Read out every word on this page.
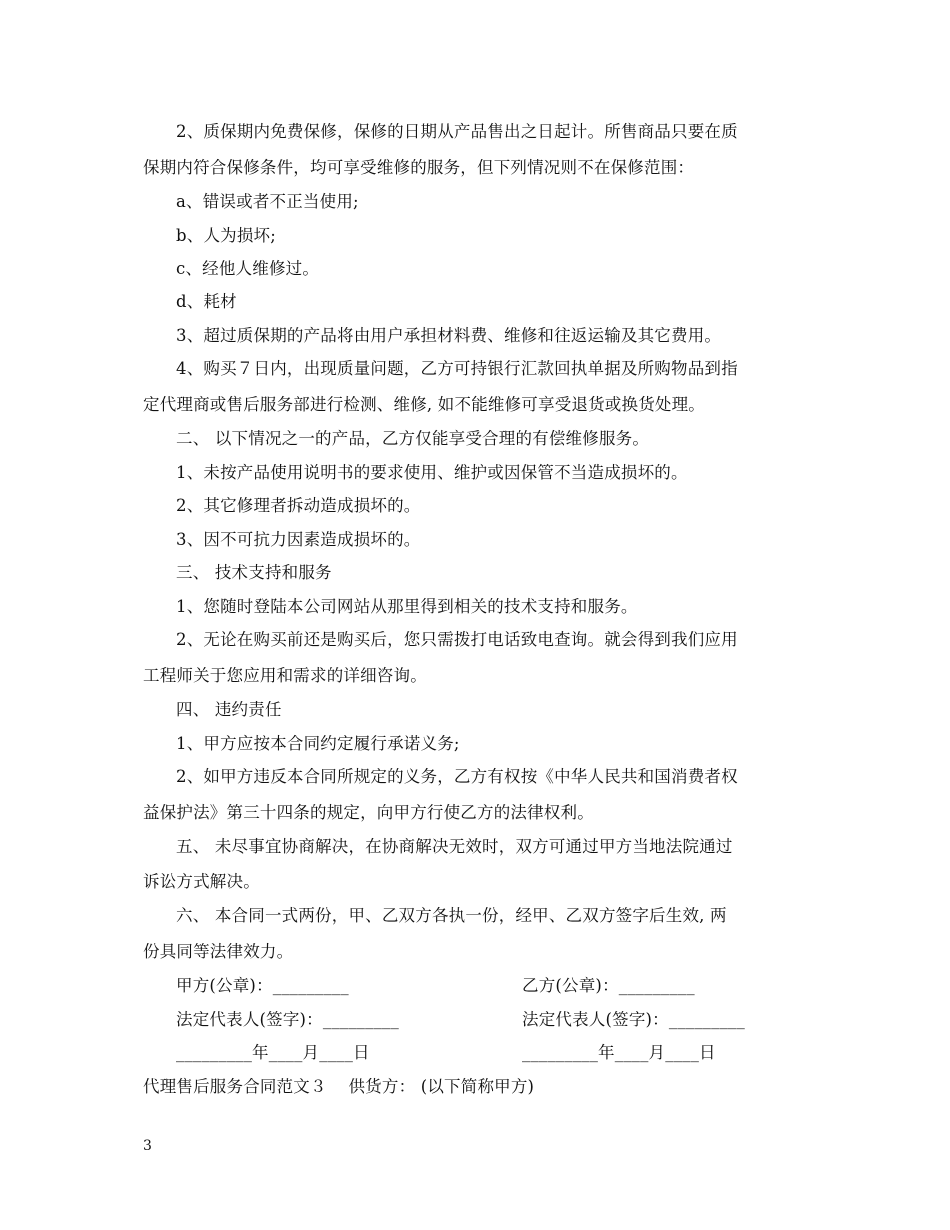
2、质保期内免费保修，保修的日期从产品售出之日起计。所售商品只要在质
保期内符合保修条件，均可享受维修的服务，但下列情况则不在保修范围：
a、错误或者不正当使用;
b、人为损坏;
c、经他人维修过。
d、耗材
3、超过质保期的产品将由用户承担材料费、维修和往返运输及其它费用。
4、购买７日内，出现质量问题，乙方可持银行汇款回执单据及所购物品到指
定代理商或售后服务部进行检测、维修, 如不能维修可享受退货或换货处理。
二、 以下情况之一的产品，乙方仅能享受合理的有偿维修服务。
1、未按产品使用说明书的要求使用、维护或因保管不当造成损坏的。
2、其它修理者拆动造成损坏的。
3、因不可抗力因素造成损坏的。
三、 技术支持和服务
1、您随时登陆本公司网站从那里得到相关的技术支持和服务。
2、无论在购买前还是购买后，您只需拨打电话致电查询。就会得到我们应用
工程师关于您应用和需求的详细咨询。
四、 违约责任
1、甲方应按本合同约定履行承诺义务;
2、如甲方违反本合同所规定的义务，乙方有权按《中华人民共和国消费者权
益保护法》第三十四条的规定，向甲方行使乙方的法律权利。
五、 未尽事宜协商解决，在协商解决无效时，双方可通过甲方当地法院通过
诉讼方式解决。
六、 本合同一式两份，甲、乙双方各执一份，经甲、乙双方签字后生效, 两
份具同等法律效力。
甲方(公章)：_________	乙方(公章)：_________
法定代表人(签字)：_________	法定代表人(签字)：_________
_________年____月____日	_________年____月____日
代理售后服务合同范文３    供货方： (以下简称甲方)
3
